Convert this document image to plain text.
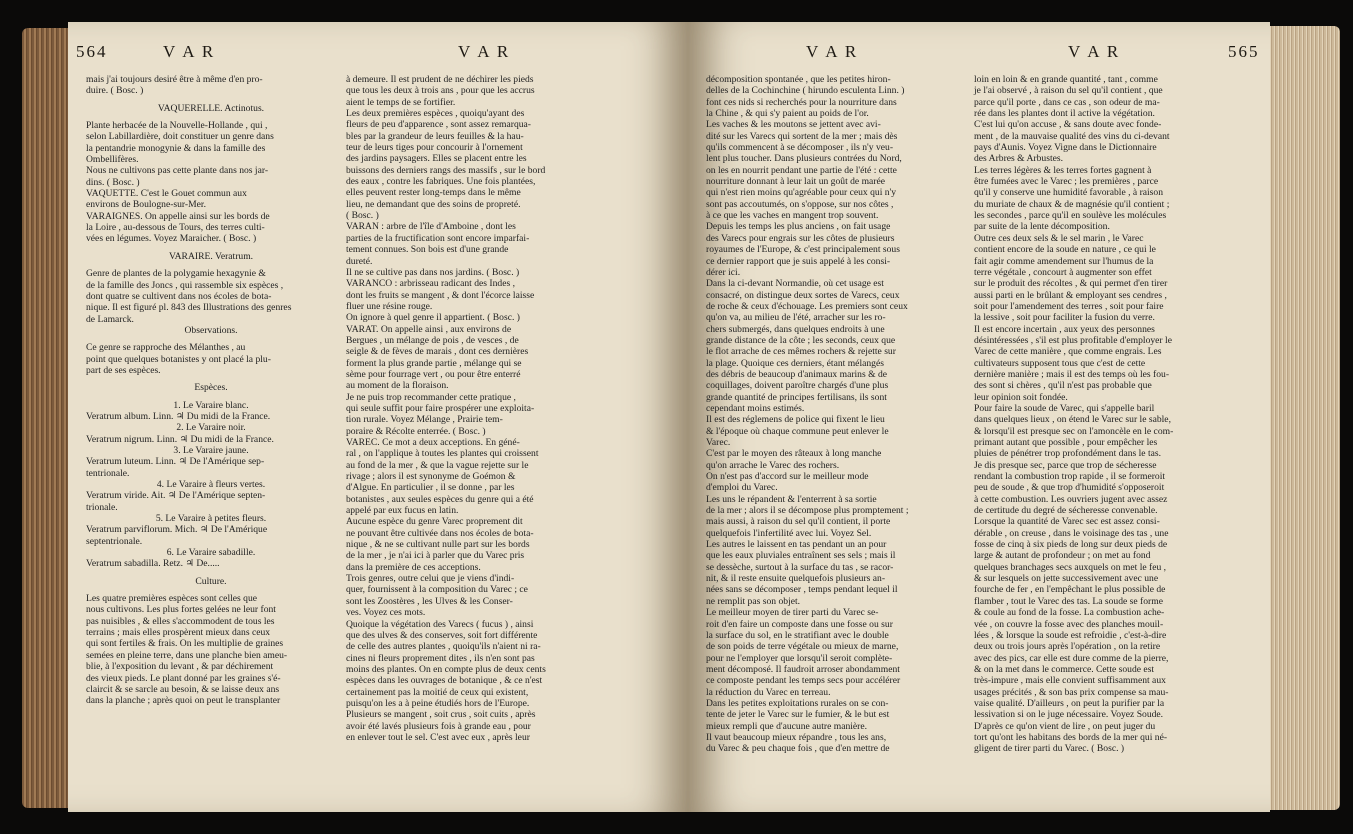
564	V A R	V A R

mais j'ai toujours desiré être à même d'en pro-

duire. ( Bosc. )

VAQUERELLE. Actinotus.

Plante herbacée de la Nouvelle-Hollande , qui ,

selon Labillardière, doit constituer un genre dans

la pentandrie monogynie & dans la famille des

Ombellifères.

Nous ne cultivons pas cette plante dans nos jar-

dins. ( Bosc. )

VAQUETTE. C'est le Gouet commun aux

environs de Boulogne-sur-Mer.

VARAIGNES. On appelle ainsi sur les bords de

la Loire , au-dessous de Tours, des terres culti-

vées en légumes. Voyez Maraicher. ( Bosc. )

VARAIRE. Veratrum.

Genre de plantes de la polygamie hexagynie &

de la famille des Joncs , qui rassemble six espèces ,

dont quatre se cultivent dans nos écoles de bota-

nique. Il est figuré pl. 843 des Illustrations des genres

de Lamarck.

Observations.

Ce genre se rapproche des Mélanthes , au

point que quelques botanistes y ont placé la plu-

part de ses espèces.

Espèces.

1. Le Varaire blanc.

Veratrum album. Linn. ♃ Du midi de la France.

2. Le Varaire noir.

Veratrum nigrum. Linn. ♃ Du midi de la France.

3. Le Varaire jaune.

Veratrum luteum. Linn. ♃ De l'Amérique sep-

tentrionale.

4. Le Varaire à fleurs vertes.

Veratrum viride. Ait. ♃ De l'Amérique septen-

trionale.

5. Le Varaire à petites fleurs.

Veratrum parviflorum. Mich. ♃ De l'Amérique

septentrionale.

6. Le Varaire sabadille.

Veratrum sabadilla. Retz. ♃ De.....

Culture.

Les quatre premières espèces sont celles que

nous cultivons. Les plus fortes gelées ne leur font

pas nuisibles , & elles s'accommodent de tous les

terrains ; mais elles prospèrent mieux dans ceux

qui sont fertiles & frais. On les multiplie de graines

semées en pleine terre, dans une planche bien ameu-

blie, à l'exposition du levant , & par déchirement

des vieux pieds. Le plant donné par les graines s'é-

claircit & se sarcle au besoin, & se laisse deux ans

dans la planche ; après quoi on peut le transplanter

à demeure. Il est prudent de ne déchirer les pieds

que tous les deux à trois ans , pour que les accrus

aient le temps de se fortifier.

Les deux premières espèces , quoiqu'ayant des

fleurs de peu d'apparence , sont assez remarqua-

bles par la grandeur de leurs feuilles & la hau-

teur de leurs tiges pour concourir à l'ornement

des jardins paysagers. Elles se placent entre les

buissons des derniers rangs des massifs , sur le bord

des eaux , contre les fabriques. Une fois plantées,

elles peuvent rester long-temps dans le même

lieu, ne demandant que des soins de propreté.

( Bosc. )

VARAN : arbre de l'île d'Amboine , dont les

parties de la fructification sont encore imparfai-

tement connues. Son bois est d'une grande

dureté.

Il ne se cultive pas dans nos jardins. ( Bosc. )

VARANCO : arbrisseau radicant des Indes ,

dont les fruits se mangent , & dont l'écorce laisse

fluer une résine rouge.

On ignore à quel genre il appartient. ( Bosc. )

VARAT. On appelle ainsi , aux environs de

Bergues , un mélange de pois , de vesces , de

seigle & de fèves de marais , dont ces dernières

forment la plus grande partie , mélange qui se

sème pour fourrage vert , ou pour être enterré

au moment de la floraison.

Je ne puis trop recommander cette pratique ,

qui seule suffit pour faire prospérer une exploita-

tion rurale. Voyez Mélange , Prairie tem-

poraire & Récolte enterrée. ( Bosc. )

VAREC. Ce mot a deux acceptions. En géné-

ral , on l'applique à toutes les plantes qui croissent

au fond de la mer , & que la vague rejette sur le

rivage ; alors il est synonyme de Goémon &

d'Algue. En particulier , il se donne , par les

botanistes , aux seules espèces du genre qui a été

appelé par eux fucus en latin.

Aucune espèce du genre Varec proprement dit

ne pouvant être cultivée dans nos écoles de bota-

nique , & ne se cultivant nulle part sur les bords

de la mer , je n'ai ici à parler que du Varec pris

dans la première de ces acceptions.

Trois genres, outre celui que je viens d'indi-

quer, fournissent à la composition du Varec ; ce

sont les Zoostères , les Ulves & les Conser-

ves. Voyez ces mots.

Quoique la végétation des Varecs ( fucus ) , ainsi

que des ulves & des conserves, soit fort différente

de celle des autres plantes , quoiqu'ils n'aient ni ra-

cines ni fleurs proprement dites , ils n'en sont pas

moins des plantes. On en compte plus de deux cents

espèces dans les ouvrages de botanique , & ce n'est

certainement pas la moitié de ceux qui existent,

puisqu'on les a à peine étudiés hors de l'Europe.

Plusieurs se mangent , soit crus , soit cuits , après

avoir été lavés plusieurs fois à grande eau , pour

en enlever tout le sel. C'est avec eux , après leur

V A R	V A R	565

décomposition spontanée , que les petites hiron-

delles de la Cochinchine ( hirundo esculenta Linn. )

font ces nids si recherchés pour la nourriture dans

la Chine , & qui s'y paient au poids de l'or.

Les vaches & les moutons se jettent avec avi-

dité sur les Varecs qui sortent de la mer ; mais dès

qu'ils commencent à se décomposer , ils n'y veu-

lent plus toucher. Dans plusieurs contrées du Nord,

on les en nourrit pendant une partie de l'été : cette

nourriture donnant à leur lait un goût de marée

qui n'est rien moins qu'agréable pour ceux qui n'y

sont pas accoutumés, on s'oppose, sur nos côtes ,

à ce que les vaches en mangent trop souvent.

Depuis les temps les plus anciens , on fait usage

des Varecs pour engrais sur les côtes de plusieurs

royaumes de l'Europe, & c'est principalement sous

ce dernier rapport que je suis appelé à les consi-

dérer ici.

Dans la ci-devant Normandie, où cet usage est

consacré, on distingue deux sortes de Varecs, ceux

de roche & ceux d'échouage. Les premiers sont ceux

qu'on va, au milieu de l'été, arracher sur les ro-

chers submergés, dans quelques endroits à une

grande distance de la côte ; les seconds, ceux que

le flot arrache de ces mêmes rochers & rejette sur

la plage. Quoique ces derniers, étant mélangés

des débris de beaucoup d'animaux marins & de

coquillages, doivent paroître chargés d'une plus

grande quantité de principes fertilisans, ils sont

cependant moins estimés.

Il est des réglemens de police qui fixent le lieu

& l'époque où chaque commune peut enlever le

Varec.

C'est par le moyen des râteaux à long manche

qu'on arrache le Varec des rochers.

On n'est pas d'accord sur le meilleur mode

d'emploi du Varec.

Les uns le répandent & l'enterrent à sa sortie

de la mer ; alors il se décompose plus promptement ;

mais aussi, à raison du sel qu'il contient, il porte

quelquefois l'infertilité avec lui. Voyez Sel.

Les autres le laissent en tas pendant un an pour

que les eaux pluviales entraînent ses sels ; mais il

se dessèche, surtout à la surface du tas , se racor-

nit, & il reste ensuite quelquefois plusieurs an-

nées sans se décomposer , temps pendant lequel il

ne remplit pas son objet.

Le meilleur moyen de tirer parti du Varec se-

roit d'en faire un composte dans une fosse ou sur

la surface du sol, en le stratifiant avec le double

de son poids de terre végétale ou mieux de marne,

pour ne l'employer que lorsqu'il seroit complète-

ment décomposé. Il faudroit arroser abondamment

ce composte pendant les temps secs pour accélérer

la réduction du Varec en terreau.

Dans les petites exploitations rurales on se con-

tente de jeter le Varec sur le fumier, & le but est

mieux rempli que d'aucune autre manière.

Il vaut beaucoup mieux répandre , tous les ans,

du Varec & peu chaque fois , que d'en mettre de

loin en loin & en grande quantité , tant , comme

je l'ai observé , à raison du sel qu'il contient , que

parce qu'il porte , dans ce cas , son odeur de ma-

rée dans les plantes dont il active la végétation.

C'est lui qu'on accuse , & sans doute avec fonde-

ment , de la mauvaise qualité des vins du ci-devant

pays d'Aunis. Voyez Vigne dans le Dictionnaire

des Arbres & Arbustes.

Les terres légères & les terres fortes gagnent à

être fumées avec le Varec ; les premières , parce

qu'il y conserve une humidité favorable , à raison

du muriate de chaux & de magnésie qu'il contient ;

les secondes , parce qu'il en soulève les molécules

par suite de la lente décomposition.

Outre ces deux sels & le sel marin , le Varec

contient encore de la soude en nature , ce qui le

fait agir comme amendement sur l'humus de la

terre végétale , concourt à augmenter son effet

sur le produit des récoltes , & qui permet d'en tirer

aussi parti en le brûlant & employant ses cendres ,

soit pour l'amendement des terres , soit pour faire

la lessive , soit pour faciliter la fusion du verre.

Il est encore incertain , aux yeux des personnes

désintéressées , s'il est plus profitable d'employer le

Varec de cette manière , que comme engrais. Les

cultivateurs supposent tous que c'est de cette

dernière manière ; mais il est des temps où les fou-

des sont si chères , qu'il n'est pas probable que

leur opinion soit fondée.

Pour faire la soude de Varec, qui s'appelle baril

dans quelques lieux , on étend le Varec sur le sable,

& lorsqu'il est presque sec on l'amoncèle en le com-

primant autant que possible , pour empêcher les

pluies de pénétrer trop profondément dans le tas.

Je dis presque sec, parce que trop de sécheresse

rendant la combustion trop rapide , il se formeroit

peu de soude , & que trop d'humidité s'opposeroit

à cette combustion. Les ouvriers jugent avec assez

de certitude du degré de sécheresse convenable.

Lorsque la quantité de Varec sec est assez consi-

dérable , on creuse , dans le voisinage des tas , une

fosse de cinq à six pieds de long sur deux pieds de

large & autant de profondeur ; on met au fond

quelques branchages secs auxquels on met le feu ,

& sur lesquels on jette successivement avec une

fourche de fer , en l'empêchant le plus possible de

flamber , tout le Varec des tas. La soude se forme

& coule au fond de la fosse. La combustion ache-

vée , on couvre la fosse avec des planches mouil-

lées , & lorsque la soude est refroidie , c'est-à-dire

deux ou trois jours après l'opération , on la retire

avec des pics, car elle est dure comme de la pierre,

& on la met dans le commerce. Cette soude est

très-impure , mais elle convient suffisamment aux

usages précités , & son bas prix compense sa mau-

vaise qualité. D'ailleurs , on peut la purifier par la

lessivation si on le juge nécessaire. Voyez Soude.

D'après ce qu'on vient de lire , on peut juger du

tort qu'ont les habitans des bords de la mer qui né-

gligent de tirer parti du Varec. ( Bosc. )
